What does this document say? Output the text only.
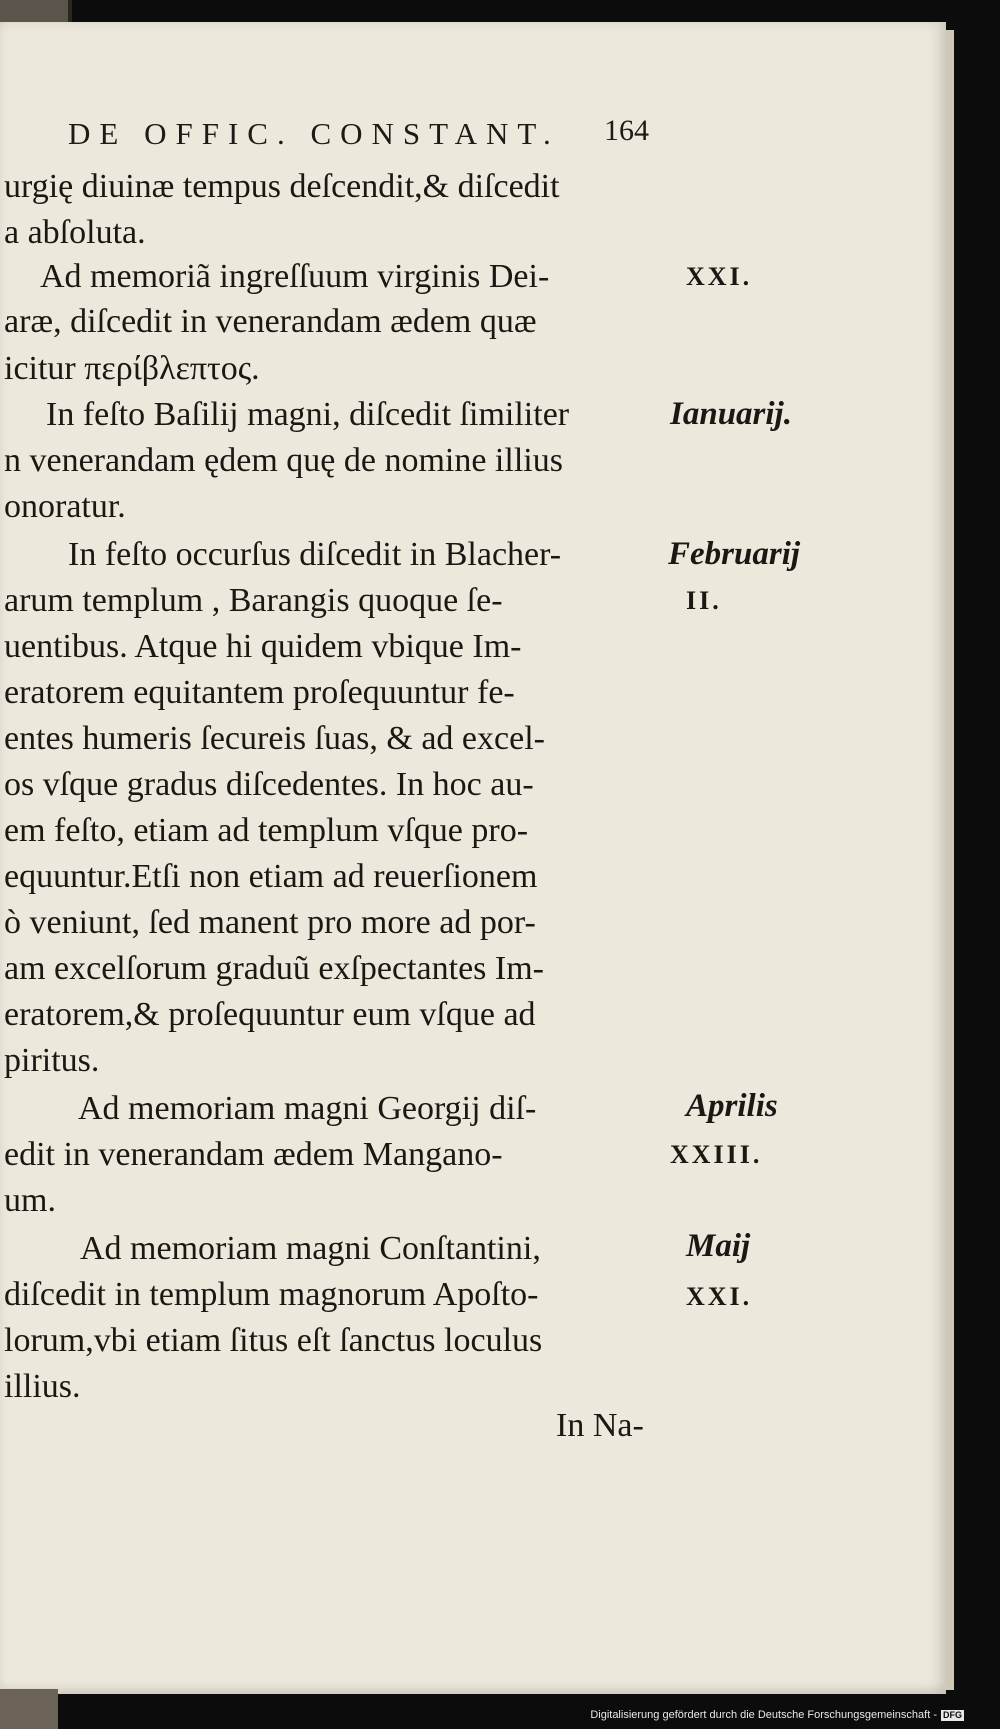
DE OFFIC. CONSTANT. 164
urgię diuinæ tempus deſcendit,& diſcedit
a abſoluta.
Ad memoriã ingreſſuum virginis Dei-
aræ, diſcedit in venerandam ædem quæ
icitur περίβλεπτος.
In feſto Baſilij magni, diſcedit ſimiliter
n venerandam ędem quę de nomine illius
onoratur.
In feſto occurſus diſcedit in Blacher-
arum templum , Barangis quoque ſe-
uentibus. Atque hi quidem vbique Im-
eratorem equitantem proſequuntur fe-
entes humeris ſecureis ſuas, & ad excel-
os vſque gradus diſcedentes. In hoc au-
em feſto, etiam ad templum vſque pro-
equuntur.Etſi non etiam ad reuerſionem
ò veniunt, ſed manent pro more ad por-
am excelſorum graduũ exſpectantes Im-
eratorem,& proſequuntur eum vſque ad
piritus.
Ad memoriam magni Georgij diſ-
edit in venerandam ædem Mangano-
um.
Ad memoriam magni Conſtantini,
diſcedit in templum magnorum Apoſto-
lorum,vbi etiam ſitus eſt ſanctus loculus
illius.
In Na-
XXI.
Ianuarij.
Februarij
II.
Aprilis
XXIII.
Maij
XXI.
Digitalisierung gefördert durch die Deutsche Forschungsgemeinschaft - DFG
